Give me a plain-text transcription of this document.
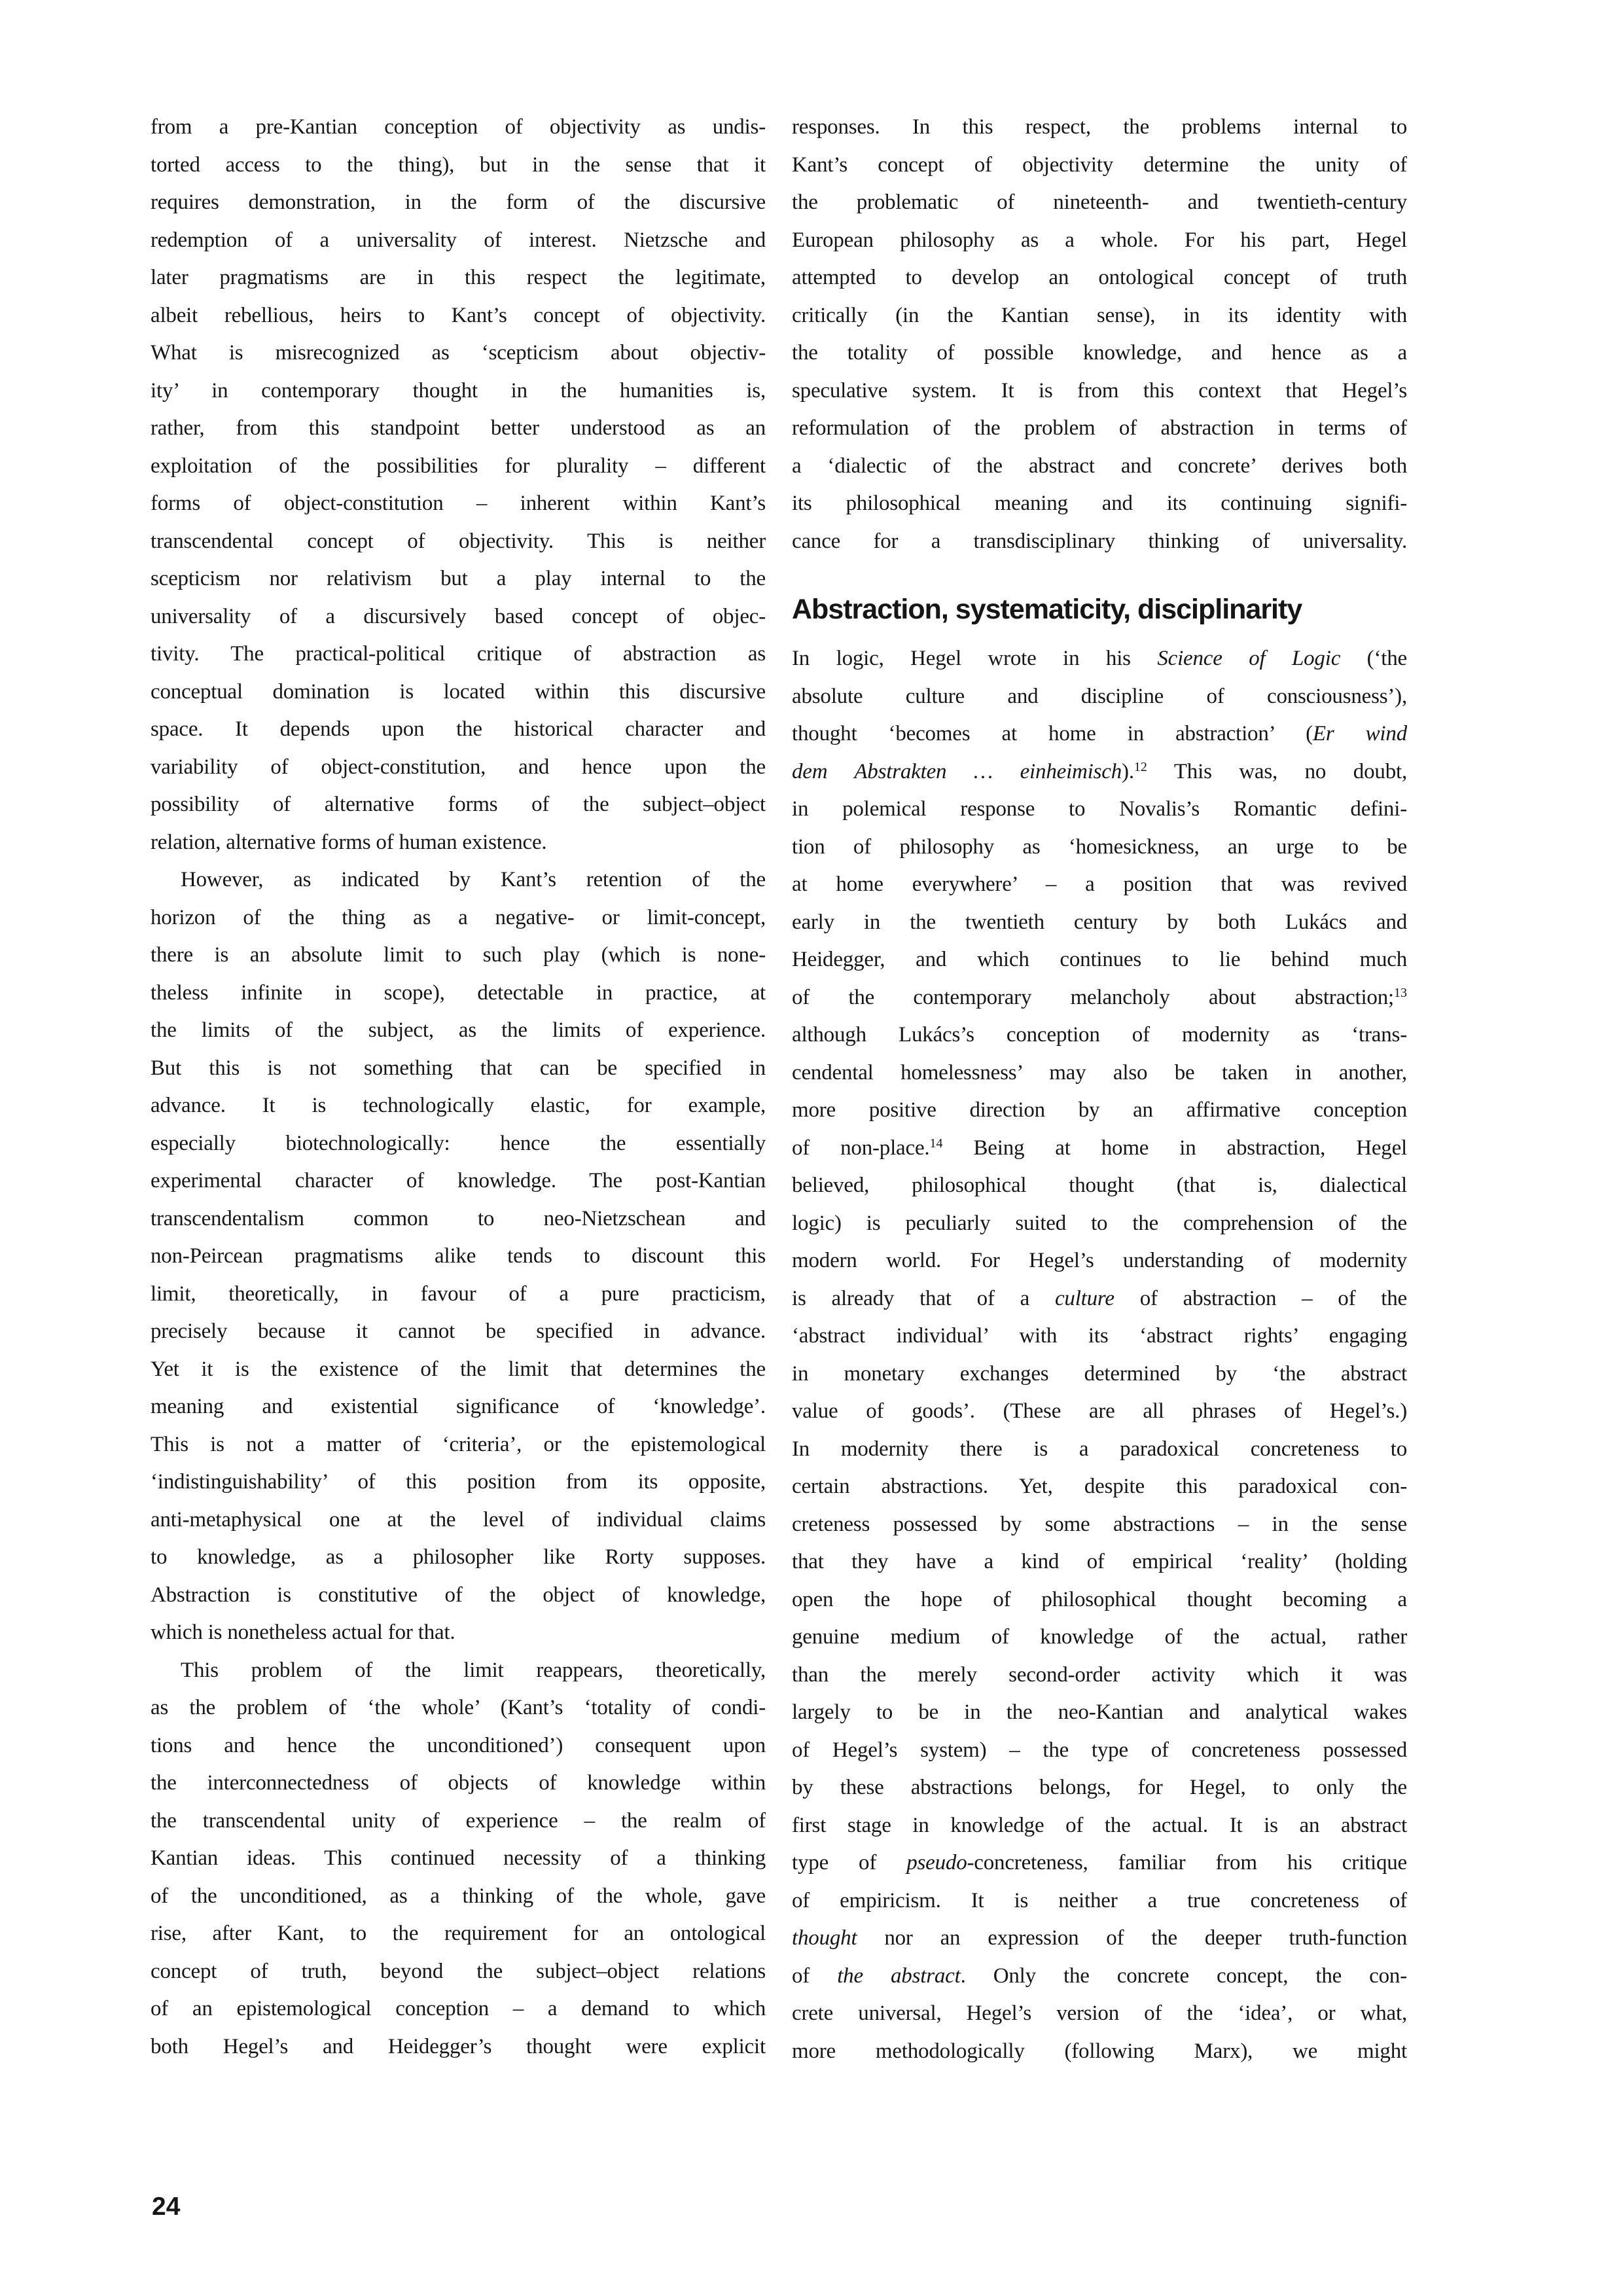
from a pre-Kantian conception of objectivity as undis-
torted access to the thing), but in the sense that it
requires demonstration, in the form of the discursive
redemption of a universality of interest. Nietzsche and
later pragmatisms are in this respect the legitimate,
albeit rebellious, heirs to Kant’s concept of objectivity.
What is misrecognized as ‘scepticism about objectiv-
ity’ in contemporary thought in the humanities is,
rather, from this standpoint better understood as an
exploitation of the possibilities for plurality – different
forms of object-constitution – inherent within Kant’s
transcendental concept of objectivity. This is neither
scepticism nor relativism but a play internal to the
universality of a discursively based concept of objec-
tivity. The practical-political critique of abstraction as
conceptual domination is located within this discursive
space. It depends upon the historical character and
variability of object-constitution, and hence upon the
possibility of alternative forms of the subject–object
relation, alternative forms of human existence.
However, as indicated by Kant’s retention of the
horizon of the thing as a negative- or limit-concept,
there is an absolute limit to such play (which is none-
theless infinite in scope), detectable in practice, at
the limits of the subject, as the limits of experience.
But this is not something that can be specified in
advance. It is technologically elastic, for example,
especially biotechnologically: hence the essentially
experimental character of knowledge. The post-Kantian
transcendentalism common to neo-Nietzschean and
non-Peircean pragmatisms alike tends to discount this
limit, theoretically, in favour of a pure practicism,
precisely because it cannot be specified in advance.
Yet it is the existence of the limit that determines the
meaning and existential significance of ‘knowledge’.
This is not a matter of ‘criteria’, or the epistemological
‘indistinguishability’ of this position from its opposite,
anti-metaphysical one at the level of individual claims
to knowledge, as a philosopher like Rorty supposes.
Abstraction is constitutive of the object of knowledge,
which is nonetheless actual for that.
This problem of the limit reappears, theoretically,
as the problem of ‘the whole’ (Kant’s ‘totality of condi-
tions and hence the unconditioned’) consequent upon
the interconnectedness of objects of knowledge within
the transcendental unity of experience – the realm of
Kantian ideas. This continued necessity of a thinking
of the unconditioned, as a thinking of the whole, gave
rise, after Kant, to the requirement for an ontological
concept of truth, beyond the subject–object relations
of an epistemological conception – a demand to which
both Hegel’s and Heidegger’s thought were explicit
responses. In this respect, the problems internal to
Kant’s concept of objectivity determine the unity of
the problematic of nineteenth- and twentieth-century
European philosophy as a whole. For his part, Hegel
attempted to develop an ontological concept of truth
critically (in the Kantian sense), in its identity with
the totality of possible knowledge, and hence as a
speculative system. It is from this context that Hegel’s
reformulation of the problem of abstraction in terms of
a ‘dialectic of the abstract and concrete’ derives both
its philosophical meaning and its continuing signifi-
cance for a transdisciplinary thinking of universality.
Abstraction, systematicity, disciplinarity
In logic, Hegel wrote in his Science of Logic (‘the
absolute culture and discipline of consciousness’),
thought ‘becomes at home in abstraction’ (Er wind
dem Abstrakten … einheimisch).$^{12}$ This was, no doubt,
in polemical response to Novalis’s Romantic defini-
tion of philosophy as ‘homesickness, an urge to be
at home everywhere’ – a position that was revived
early in the twentieth century by both Lukács and
Heidegger, and which continues to lie behind much
of the contemporary melancholy about abstraction;$^{13}$
although Lukács’s conception of modernity as ‘trans-
cendental homelessness’ may also be taken in another,
more positive direction by an affirmative conception
of non-place.$^{14}$ Being at home in abstraction, Hegel
believed, philosophical thought (that is, dialectical
logic) is peculiarly suited to the comprehension of the
modern world. For Hegel’s understanding of modernity
is already that of a culture of abstraction – of the
‘abstract individual’ with its ‘abstract rights’ engaging
in monetary exchanges determined by ‘the abstract
value of goods’. (These are all phrases of Hegel’s.)
In modernity there is a paradoxical concreteness to
certain abstractions. Yet, despite this paradoxical con-
creteness possessed by some abstractions – in the sense
that they have a kind of empirical ‘reality’ (holding
open the hope of philosophical thought becoming a
genuine medium of knowledge of the actual, rather
than the merely second-order activity which it was
largely to be in the neo-Kantian and analytical wakes
of Hegel’s system) – the type of concreteness possessed
by these abstractions belongs, for Hegel, to only the
first stage in knowledge of the actual. It is an abstract
type of pseudo-concreteness, familiar from his critique
of empiricism. It is neither a true concreteness of
thought nor an expression of the deeper truth-function
of the abstract. Only the concrete concept, the con-
crete universal, Hegel’s version of the ‘idea’, or what,
more methodologically (following Marx), we might
24
